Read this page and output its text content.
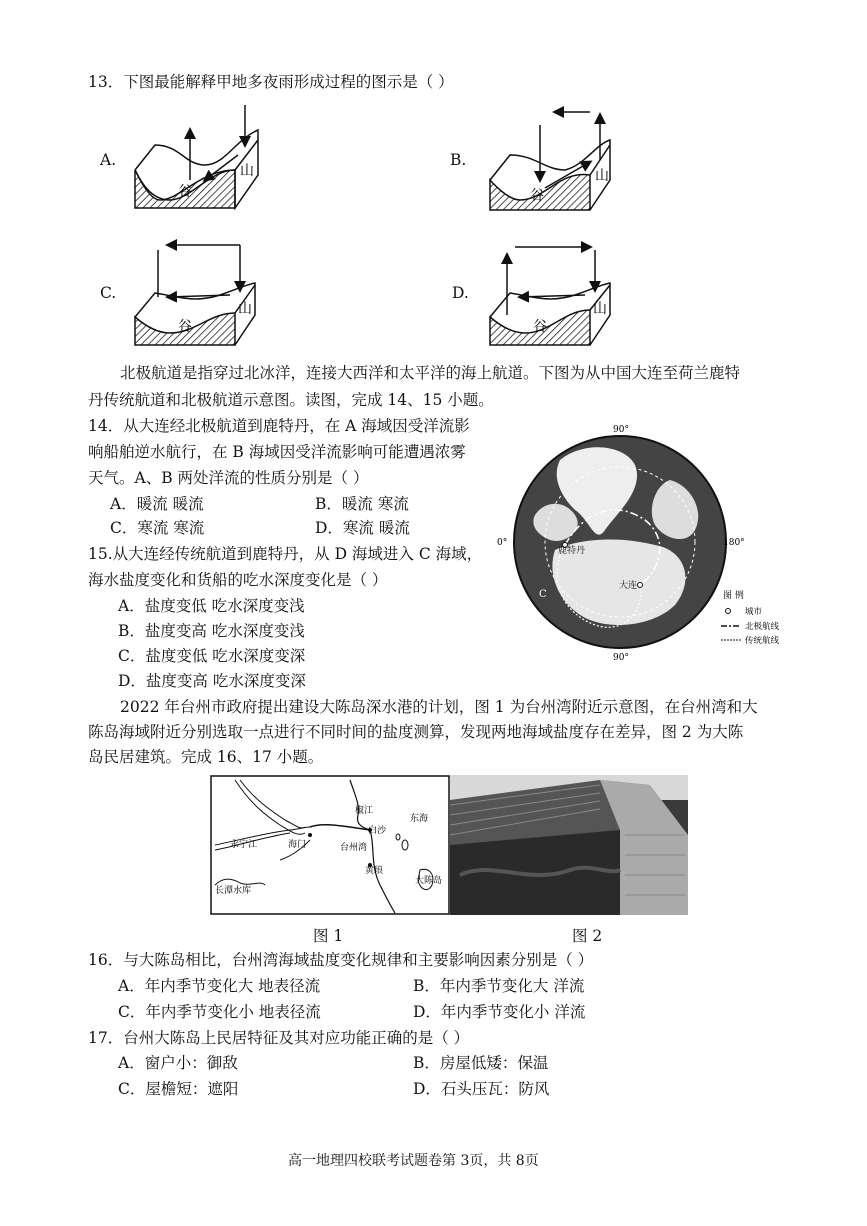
13．下图最能解释甲地多夜雨形成过程的图示是（ ）
A.	B.
C.	D.
谷
山
谷
山
谷
山
谷
山
北极航道是指穿过北冰洋，连接大西洋和太平洋的海上航道。下图为从中国大连至荷兰鹿特
丹传统航道和北极航道示意图。读图，完成 14、15 小题。
14．从大连经北极航道到鹿特丹，在 A 海域因受洋流影
响船舶逆水航行，在 B 海域因受洋流影响可能遭遇浓雾
天气。A、B 两处洋流的性质分别是（ ）
A．暖流 暖流	B．暖流 寒流
C．寒流 寒流	D．寒流 暖流
15.从大连经传统航道到鹿特丹，从 D 海域进入 C 海域，
海水盐度变化和货船的吃水深度变化是（ ）
A．盐度变低 吃水深度变浅
B．盐度变高 吃水深度变浅
C．盐度变低 吃水深度变深
D．盐度变高 吃水深度变深
90°
90°
0°	180°
鹿特丹
大连
C	图 例
城市
北极航线
传统航线
2022 年台州市政府提出建设大陈岛深水港的计划，图 1 为台州湾附近示意图，在台州湾和大
陈岛海域附近分别选取一点进行不同时间的盐度测算，发现两地海域盐度存在差异，图 2 为大陈
岛民居建筑。完成 16、17 小题。
椒江
白沙
东海
永宁江	海门	台州湾
黄琅
大陈岛
长潭水库
图 1	图 2
16．与大陈岛相比，台州湾海域盐度变化规律和主要影响因素分别是（ ）
A．年内季节变化大 地表径流	B．年内季节变化大 洋流
C．年内季节变化小 地表径流	D．年内季节变化小 洋流
17．台州大陈岛上民居特征及其对应功能正确的是（ ）
A．窗户小：御敌	B．房屋低矮：保温
C．屋檐短：遮阳	D．石头压瓦：防风
高一地理四校联考试题卷第 3页，共 8页
